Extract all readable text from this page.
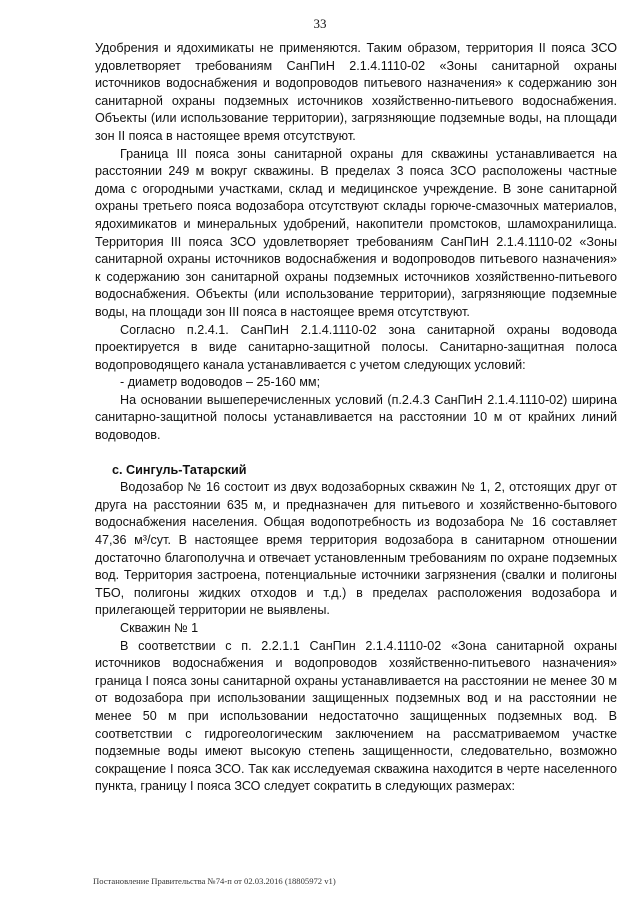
33

Удобрения и ядохимикаты не применяются. Таким образом, территория II пояса ЗСО удовлетворяет требованиям СанПиН 2.1.4.1110-02 «Зоны санитарной охраны источников водоснабжения и водопроводов питьевого назначения» к содержанию зон санитарной охраны подземных источников хозяйственно-питьевого водоснабжения. Объекты (или использование территории), загрязняющие подземные воды, на площади зон II пояса в настоящее время отсутствуют.

Граница III пояса зоны санитарной охраны для скважины устанавливается на расстоянии 249 м вокруг скважины. В пределах 3 пояса ЗСО расположены частные дома с огородными участками, склад и медицинское учреждение. В зоне санитарной охраны третьего пояса водозабора отсутствуют склады горюче-смазочных материалов, ядохимикатов и минеральных удобрений, накопители промстоков, шламохранилища. Территория III пояса ЗСО удовлетворяет требованиям СанПиН 2.1.4.1110-02 «Зоны санитарной охраны источников водоснабжения и водопроводов питьевого назначения» к содержанию зон санитарной охраны подземных источников хозяйственно-питьевого водоснабжения. Объекты (или использование территории), загрязняющие подземные воды, на площади зон III пояса в настоящее время отсутствуют.

Согласно п.2.4.1. СанПиН 2.1.4.1110-02 зона санитарной охраны водовода проектируется в виде санитарно-защитной полосы. Санитарно-защитная полоса водопроводящего канала устанавливается с учетом следующих условий:

- диаметр водоводов – 25-160 мм;

На основании вышеперечисленных условий (п.2.4.3 СанПиН 2.1.4.1110-02) ширина санитарно-защитной полосы устанавливается на расстоянии 10 м от крайних линий водоводов.

с. Сингуль-Татарский

Водозабор № 16 состоит из двух водозаборных скважин № 1, 2, отстоящих друг от друга на расстоянии 635 м, и предназначен для питьевого и хозяйственно-бытового водоснабжения населения. Общая водопотребность из водозабора № 16 составляет 47,36 м³/сут. В настоящее время территория водозабора в санитарном отношении достаточно благополучна и отвечает установленным требованиям по охране подземных вод. Территория застроена, потенциальные источники загрязнения (свалки и полигоны ТБО, полигоны жидких отходов и т.д.) в пределах расположения водозабора и прилегающей территории не выявлены.

Скважин № 1

В соответствии с п. 2.2.1.1 СанПин 2.1.4.1110-02 «Зона санитарной охраны источников водоснабжения и водопроводов хозяйственно-питьевого назначения» граница I пояса зоны санитарной охраны устанавливается на расстоянии не менее 30 м от водозабора при использовании защищенных подземных вод и на расстоянии не менее 50 м при использовании недостаточно защищенных подземных вод. В соответствии с гидрогеологическим заключением на рассматриваемом участке подземные воды имеют высокую степень защищенности, следовательно, возможно сокращение I пояса ЗСО. Так как исследуемая скважина находится в черте населенного пункта, границу I пояса ЗСО следует сократить в следующих размерах:

Постановление Правительства №74-п от 02.03.2016 (18805972 v1)
